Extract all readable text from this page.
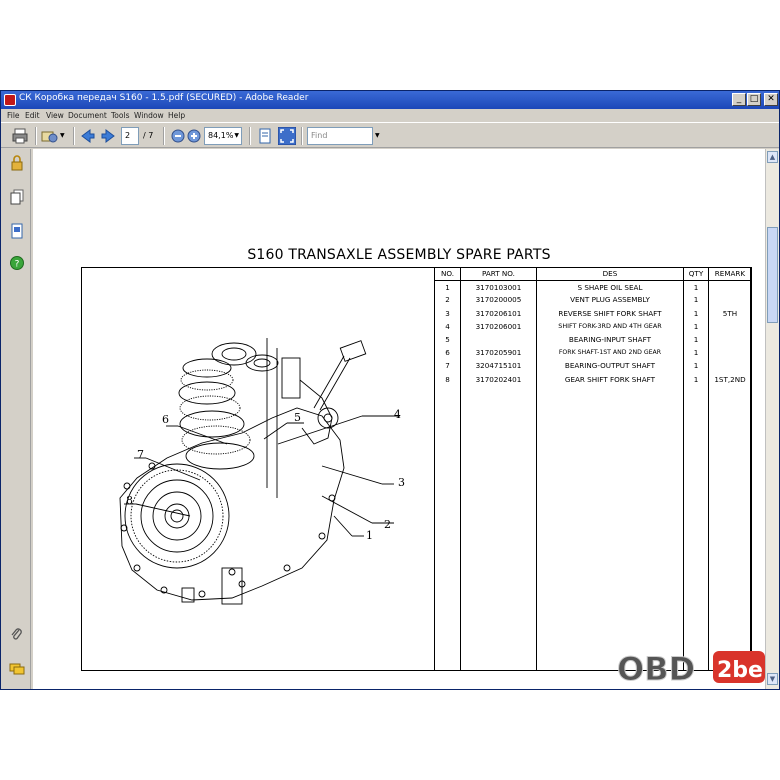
СК Коробка передач S160 - 1.5.pdf (SECURED) - Adobe Reader	_ □ ✕
File Edit View Document Tools Window Help
▼	2	/ 7	84,1% ▼	Find	▼
?
S160 TRANSAXLE ASSEMBLY SPARE PARTS
1
2
3
4
5
6
7
8
NO.	PART NO.	DES	QTY	REMARK
1	3170103001	S SHAPE OIL SEAL	1	
2	3170200005	VENT PLUG ASSEMBLY	1	
3	3170206101	REVERSE SHIFT FORK SHAFT	1	5TH
4	3170206001	SHIFT FORK-3RD AND 4TH GEAR	1	
5		BEARING-INPUT SHAFT	1	
6	3170205901	FORK SHAFT-1ST AND 2ND GEAR	1	
7	3204715101	BEARING-OUTPUT SHAFT	1	
8	3170202401	GEAR SHIFT FORK SHAFT	1	1ST,2ND

▲
▼
OBD 2be
